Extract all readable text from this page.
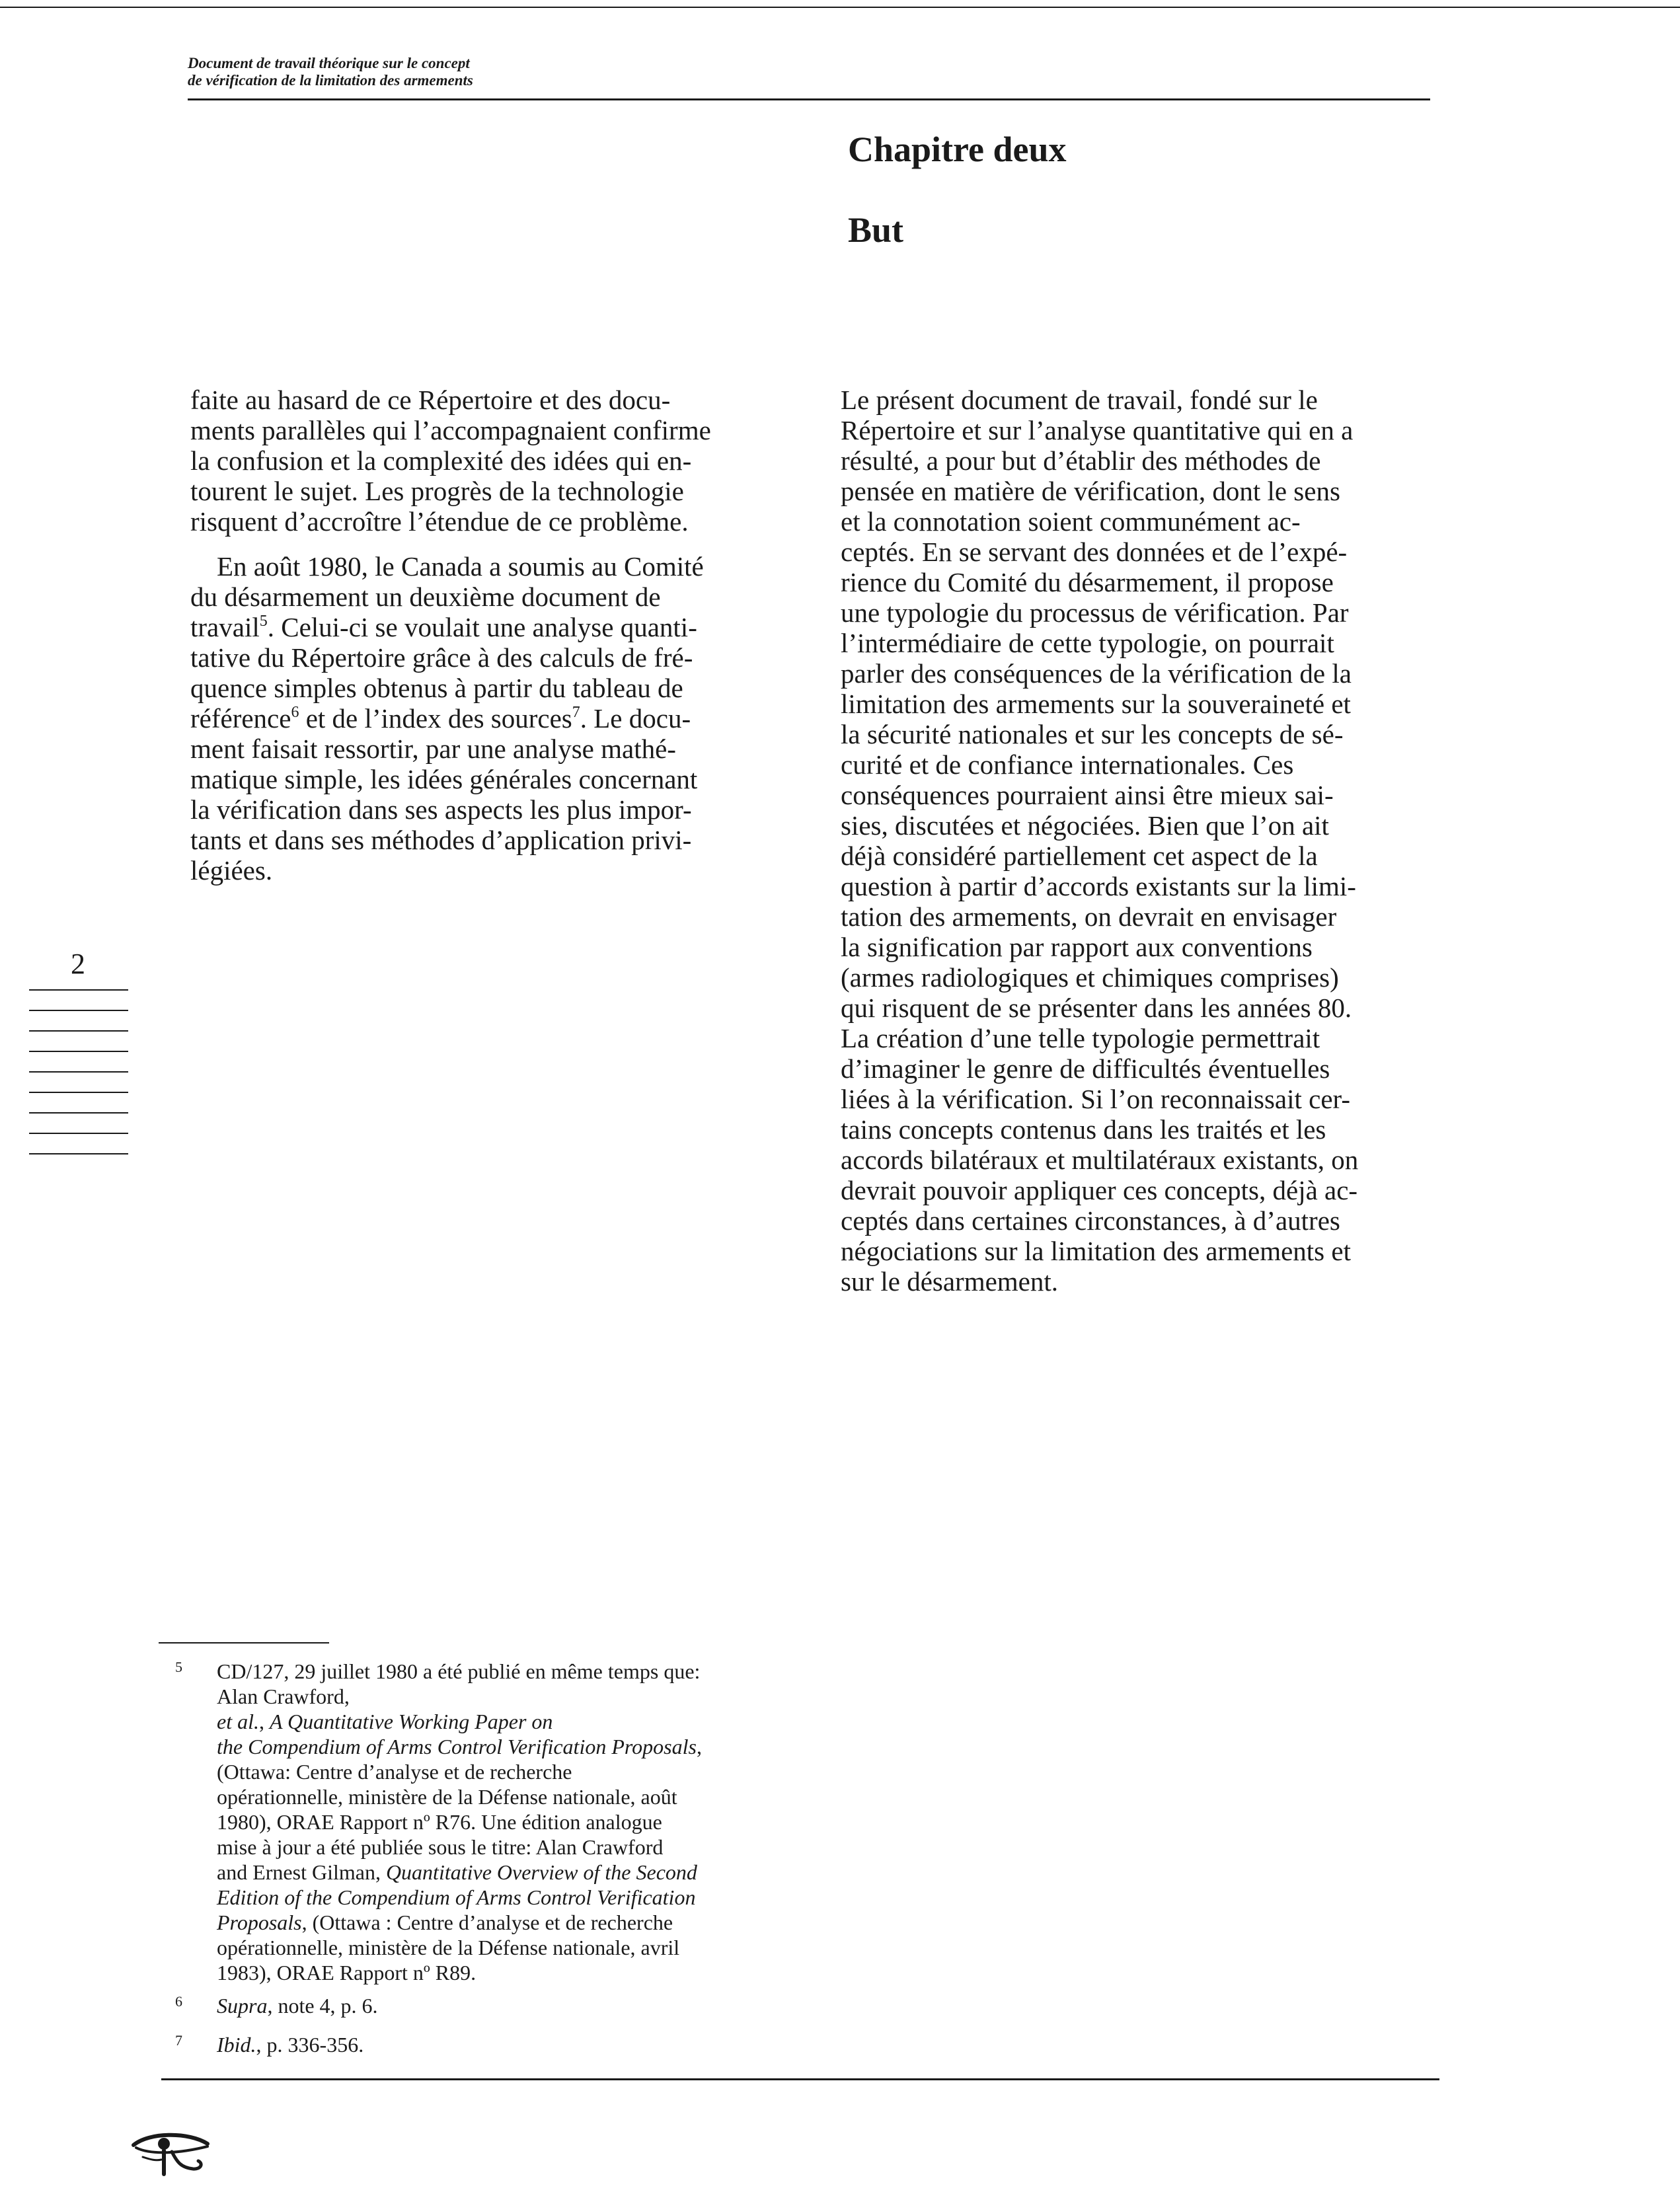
Document de travail théorique sur le concept
de vérification de la limitation des armements
Chapitre deux
But

faite au hasard de ce Répertoire et des docu-
ments parallèles qui l’accompagnaient confirme
la confusion et la complexité des idées qui en-
tourent le sujet. Les progrès de la technologie
risquent d’accroître l’étendue de ce problème.

En août 1980, le Canada a soumis au Comité
du désarmement un deuxième document de
travail$^5$. Celui-ci se voulait une analyse quanti-
tative du Répertoire grâce à des calculs de fré-
quence simples obtenus à partir du tableau de
référence$^6$ et de l’index des sources$^7$. Le docu-
ment faisait ressortir, par une analyse mathé-
matique simple, les idées générales concernant
la vérification dans ses aspects les plus impor-
tants et dans ses méthodes d’application privi-
légiées.

Le présent document de travail, fondé sur le
Répertoire et sur l’analyse quantitative qui en a
résulté, a pour but d’établir des méthodes de
pensée en matière de vérification, dont le sens
et la connotation soient communément ac-
ceptés. En se servant des données et de l’expé-
rience du Comité du désarmement, il propose
une typologie du processus de vérification. Par
l’intermédiaire de cette typologie, on pourrait
parler des conséquences de la vérification de la
limitation des armements sur la souveraineté et
la sécurité nationales et sur les concepts de sé-
curité et de confiance internationales. Ces
conséquences pourraient ainsi être mieux sai-
sies, discutées et négociées. Bien que l’on ait
déjà considéré partiellement cet aspect de la
question à partir d’accords existants sur la limi-
tation des armements, on devrait en envisager
la signification par rapport aux conventions
(armes radiologiques et chimiques comprises)
qui risquent de se présenter dans les années 80.
La création d’une telle typologie permettrait
d’imaginer le genre de difficultés éventuelles
liées à la vérification. Si l’on reconnaissait cer-
tains concepts contenus dans les traités et les
accords bilatéraux et multilatéraux existants, on
devrait pouvoir appliquer ces concepts, déjà ac-
ceptés dans certaines circonstances, à d’autres
négociations sur la limitation des armements et
sur le désarmement.

2
5 CD/127, 29 juillet 1980 a été publié en même temps que:
Alan Crawford,
et al., A Quantitative Working Paper on
the Compendium of Arms Control Verification Proposals,
(Ottawa: Centre d’analyse et de recherche
opérationnelle, ministère de la Défense nationale, août
1980), ORAE Rapport nº R76. Une édition analogue
mise à jour a été publiée sous le titre: Alan Crawford
and Ernest Gilman, Quantitative Overview of the Second
Edition of the Compendium of Arms Control Verification
Proposals, (Ottawa : Centre d’analyse et de recherche
opérationnelle, ministère de la Défense nationale, avril
1983), ORAE Rapport nº R89.
6 Supra, note 4, p. 6.
7 Ibid., p. 336-356.
